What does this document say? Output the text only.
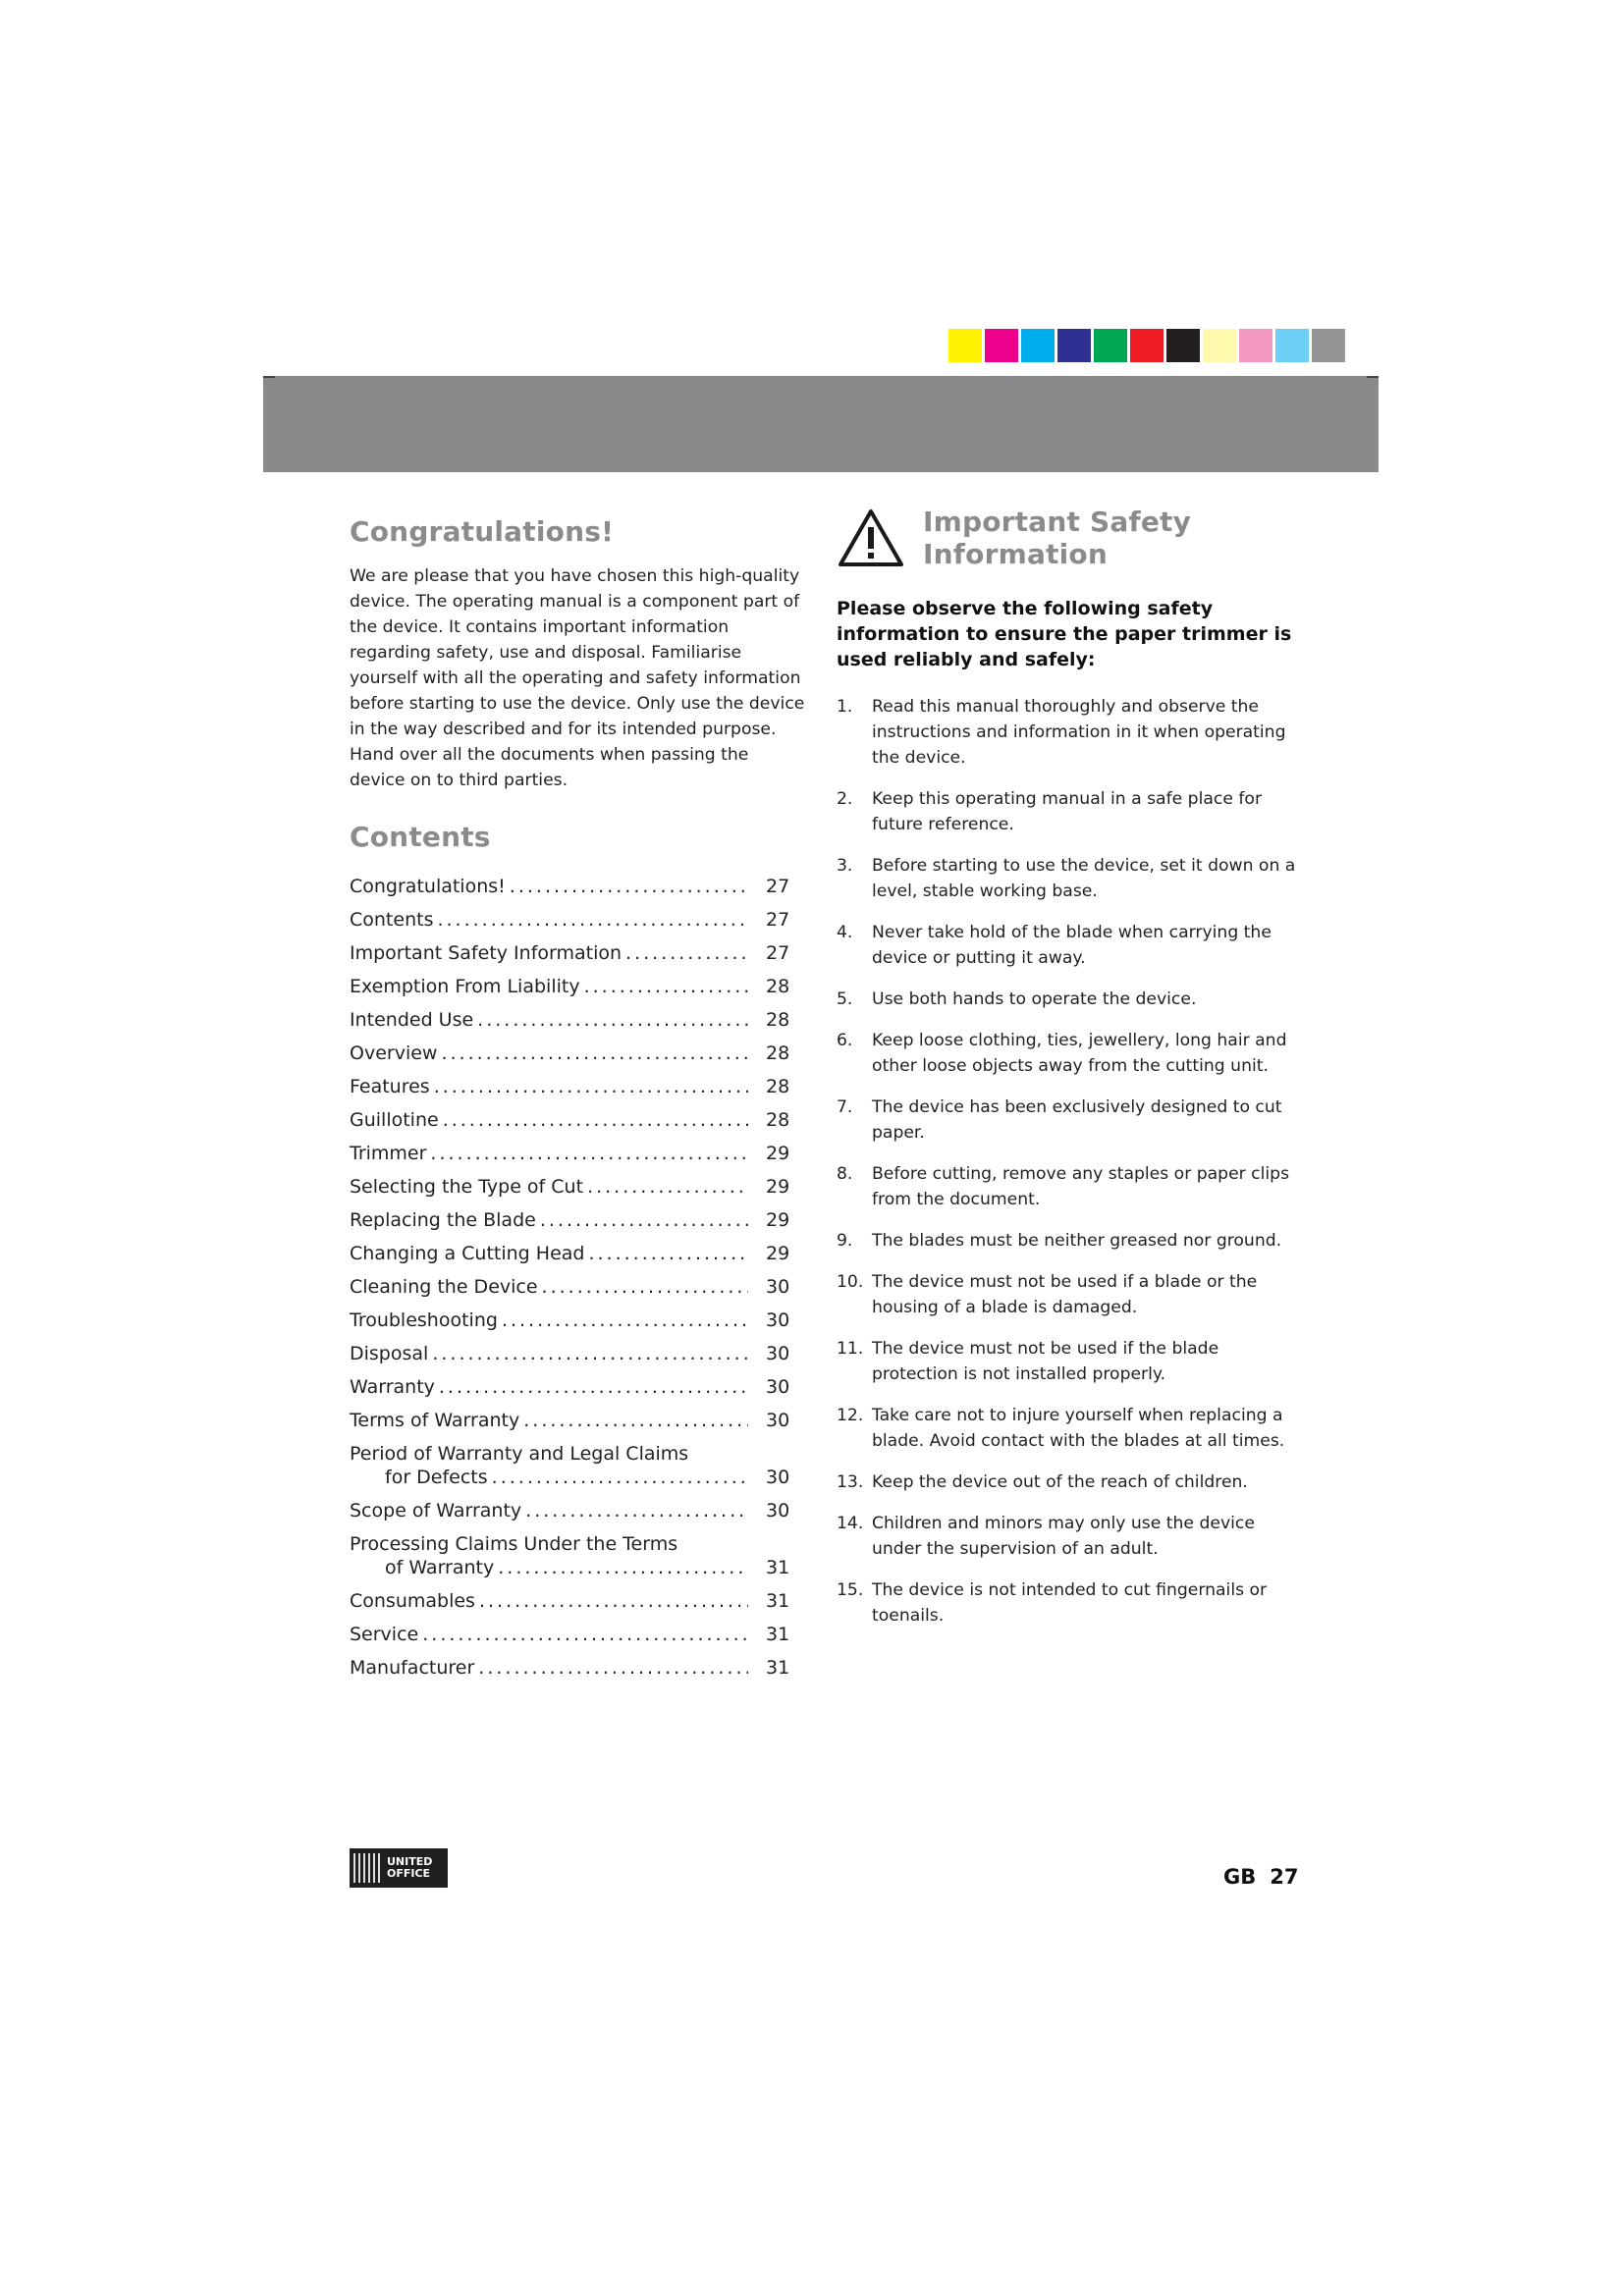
Congratulations!

We are please that you have chosen this high-quality device. The operating manual is a component part of the device. It contains important information regarding safety, use and disposal. Familiarise yourself with all the operating and safety information before starting to use the device. Only use the device in the way described and for its intended purpose. Hand over all the documents when passing the device on to third parties.

Contents
Congratulations! .....	27
Contents .....	27
Important Safety Information .....	27
Exemption From Liability .....	28
Intended Use .....	28
Overview .....	28
Features .....	28
Guillotine .....	28
Trimmer .....	29
Selecting the Type of Cut .....	29
Replacing the Blade .....	29
Changing a Cutting Head .....	29
Cleaning the Device .....	30
Troubleshooting .....	30
Disposal .....	30
Warranty .....	30
Terms of Warranty .....	30
Period of Warranty and Legal Claims
for Defects .....	30
Scope of Warranty .....	30
Processing Claims Under the Terms
of Warranty .....	31
Consumables .....	31
Service .....	31
Manufacturer .....	31
Important Safety
Information

Please observe the following safety information to ensure the paper trimmer is used reliably and safely:

1.	Read this manual thoroughly and observe the instructions and information in it when operating the device.
2.	Keep this operating manual in a safe place for future reference.
3.	Before starting to use the device, set it down on a level, stable working base.
4.	Never take hold of the blade when carrying the device or putting it away.
5.	Use both hands to operate the device.
6.	Keep loose clothing, ties, jewellery, long hair and other loose objects away from the cutting unit.
7.	The device has been exclusively designed to cut paper.
8.	Before cutting, remove any staples or paper clips from the document.
9.	The blades must be neither greased nor ground.
10. The device must not be used if a blade or the housing of a blade is damaged.
11. The device must not be used if the blade protection is not installed properly.
12. Take care not to injure yourself when replacing a blade. Avoid contact with the blades at all times.
13. Keep the device out of the reach of children.
14. Children and minors may only use the device under the supervision of an adult.
15. The device is not intended to cut fingernails or toenails.
UNITED
OFFICE	GB 27
